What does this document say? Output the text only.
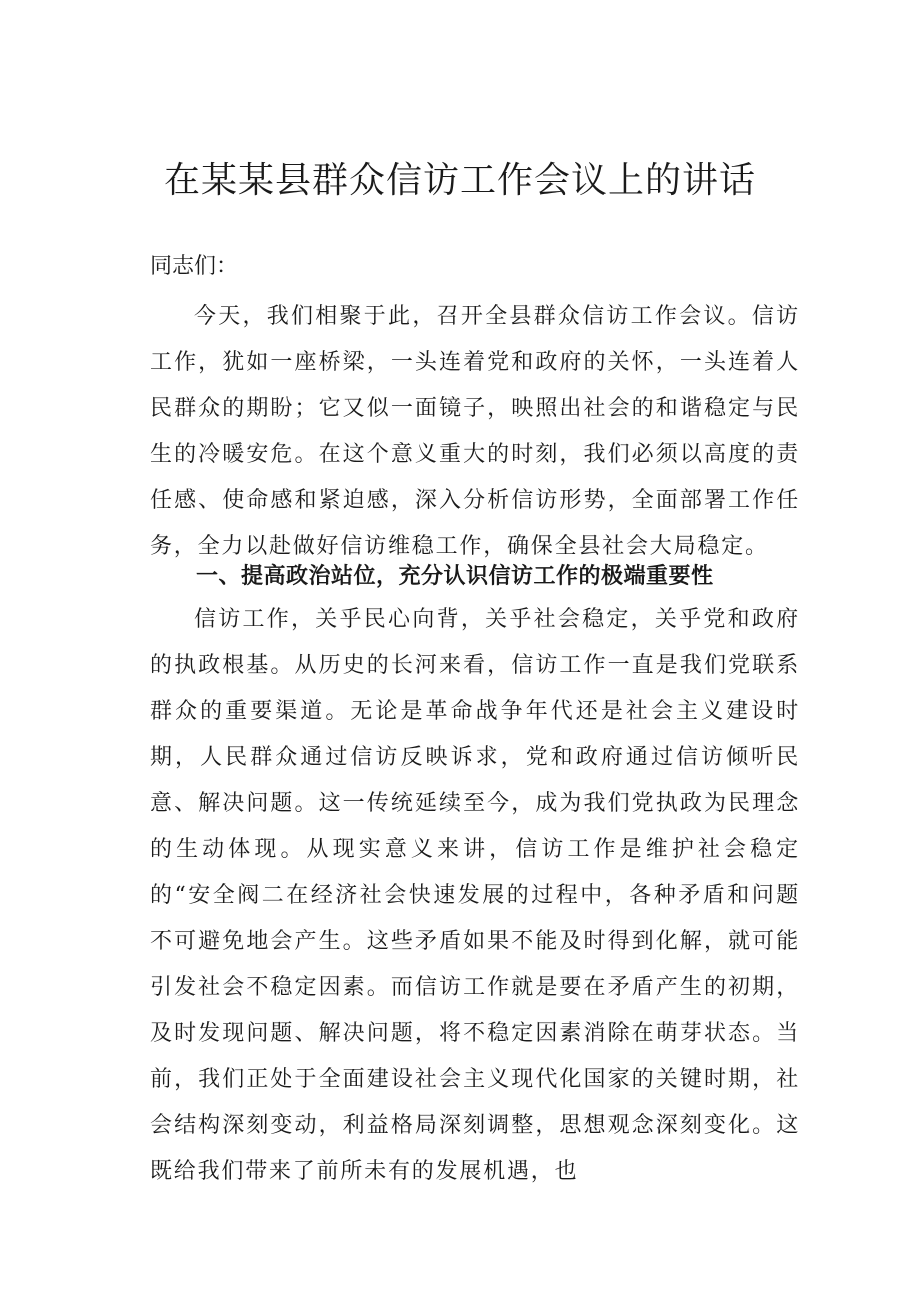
在某某县群众信访工作会议上的讲话

同志们：

今天，我们相聚于此，召开全县群众信访工作会议。信访工作，犹如一座桥梁，一头连着党和政府的关怀，一头连着人民群众的期盼；它又似一面镜子，映照出社会的和谐稳定与民生的冷暖安危。在这个意义重大的时刻，我们必须以高度的责任感、使命感和紧迫感，深入分析信访形势，全面部署工作任务，全力以赴做好信访维稳工作，确保全县社会大局稳定。

一、提高政治站位，充分认识信访工作的极端重要性

信访工作，关乎民心向背，关乎社会稳定，关乎党和政府的执政根基。从历史的长河来看，信访工作一直是我们党联系群众的重要渠道。无论是革命战争年代还是社会主义建设时期，人民群众通过信访反映诉求，党和政府通过信访倾听民意、解决问题。这一传统延续至今，成为我们党执政为民理念的生动体现。从现实意义来讲，信访工作是维护社会稳定的“安全阀二在经济社会快速发展的过程中，各种矛盾和问题不可避免地会产生。这些矛盾如果不能及时得到化解，就可能引发社会不稳定因素。而信访工作就是要在矛盾产生的初期，及时发现问题、解决问题，将不稳定因素消除在萌芽状态。当前，我们正处于全面建设社会主义现代化国家的关键时期，社会结构深刻变动，利益格局深刻调整，思想观念深刻变化。这既给我们带来了前所未有的发展机遇，也
